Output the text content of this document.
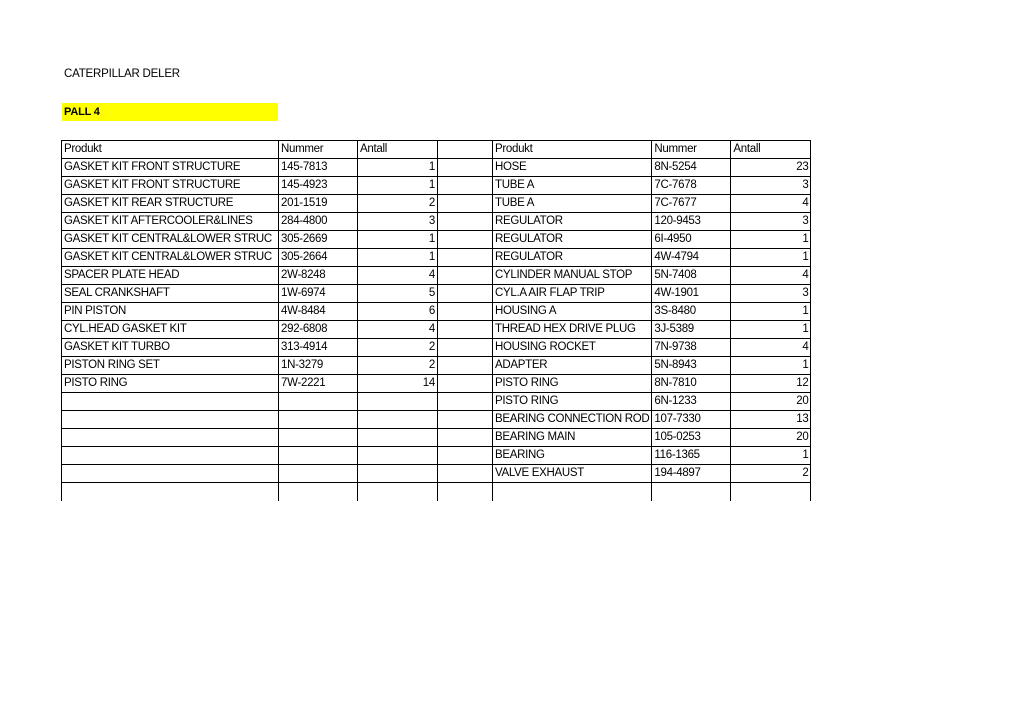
CATERPILLAR DELER
PALL 4
Produkt	Nummer	Antall		Produkt	Nummer	Antall
GASKET KIT FRONT STRUCTURE	145-7813	1		HOSE	8N-5254	23
GASKET KIT FRONT STRUCTURE	145-4923	1		TUBE A	7C-7678	3
GASKET KIT REAR STRUCTURE	201-1519	2		TUBE A	7C-7677	4
GASKET KIT AFTERCOOLER&LINES	284-4800	3		REGULATOR	120-9453	3
GASKET KIT CENTRAL&LOWER STRUC	305-2669	1		REGULATOR	6I-4950	1
GASKET KIT CENTRAL&LOWER STRUC	305-2664	1		REGULATOR	4W-4794	1
SPACER PLATE HEAD	2W-8248	4		CYLINDER MANUAL STOP	5N-7408	4
SEAL CRANKSHAFT	1W-6974	5		CYL.A AIR FLAP TRIP	4W-1901	3
PIN PISTON	4W-8484	6		HOUSING A	3S-8480	1
CYL.HEAD GASKET KIT	292-6808	4		THREAD HEX DRIVE PLUG	3J-5389	1
GASKET KIT TURBO	313-4914	2		HOUSING ROCKET	7N-9738	4
PISTON RING SET	1N-3279	2		ADAPTER	5N-8943	1
PISTO RING	7W-2221	14		PISTO RING	8N-7810	12
				PISTO RING	6N-1233	20
				BEARING CONNECTION ROD	107-7330	13
				BEARING MAIN	105-0253	20
				BEARING	116-1365	1
				VALVE EXHAUST	194-4897	2
